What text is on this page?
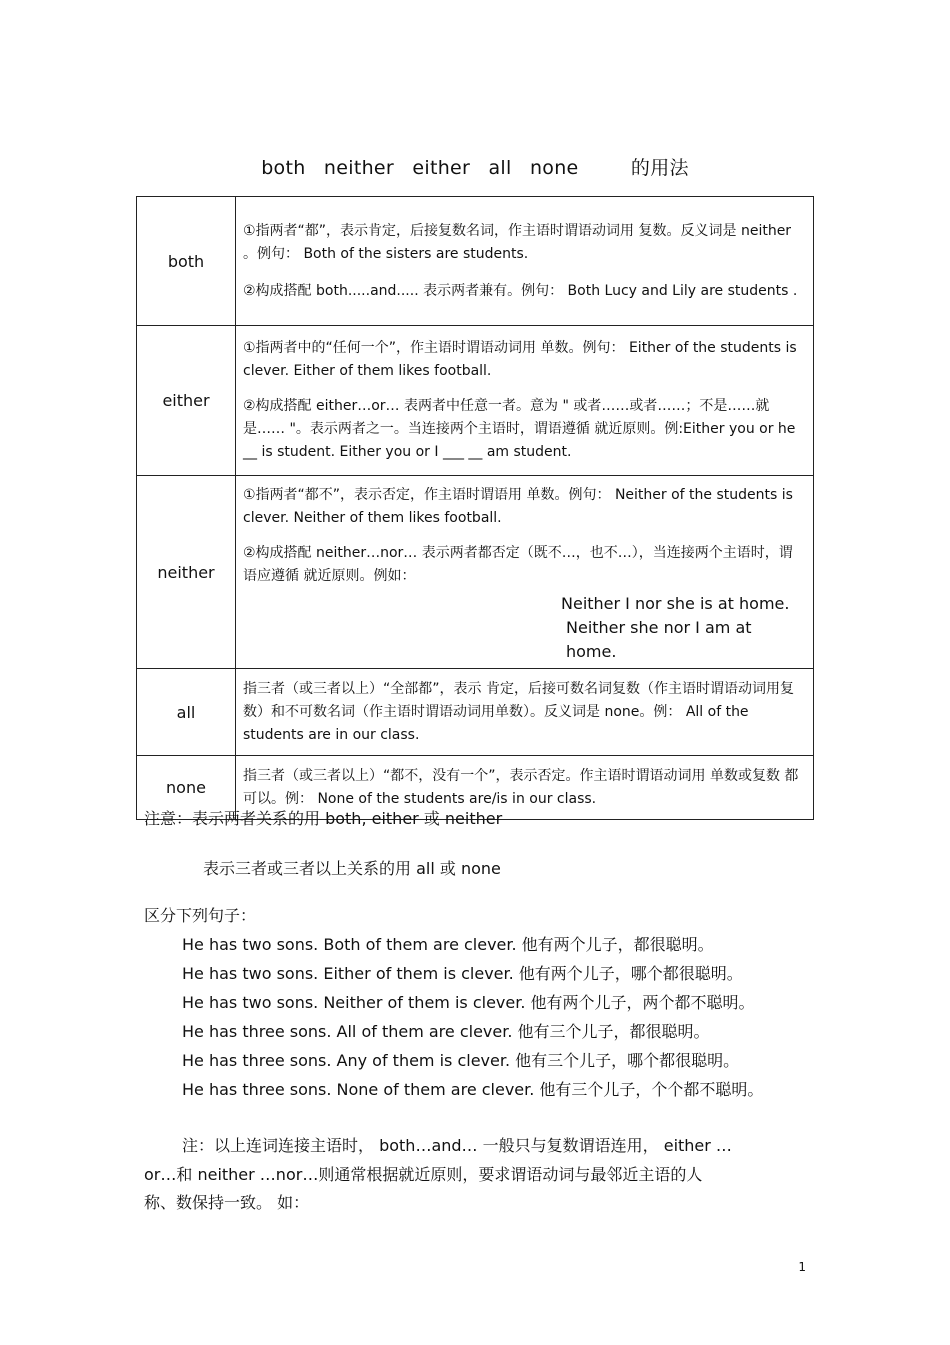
both neither either all none	的用法
both	①指两者“都”，表示肯定，后接复数名词，作主语时谓语动词用 复数。反义词是 neither 。例句： Both of the sisters are students.
②构成搭配 both.....and..... 表示两者兼有。例句： Both Lucy and Lily are students .

either	①指两者中的“任何一个”，作主语时谓语动词用 单数。例句： Either of the students is clever. Either of them likes football.
②构成搭配 either…or… 表两者中任意一者。意为 " 或者……或者……；不是……就是…… "。表示两者之一。当连接两个主语时，谓语遵循 就近原则。例:Either you or he __ is student. Either you or I ___ __ am student.

neither	①指两者“都不”，表示否定，作主语时谓语用 单数。例句： Neither of the students is clever. Neither of them likes football.
②构成搭配 neither…nor… 表示两者都否定（既不…，也不…），当连接两个主语时，谓语应遵循 就近原则。例如：
Neither I nor she is at home.
Neither she nor I am at home.

all	指三者（或三者以上）“全部都”，表示 肯定，后接可数名词复数（作主语时谓语动词用复数）和不可数名词（作主语时谓语动词用单数）。反义词是 none。例： All of the students are in our class.

none	指三者（或三者以上）“都不，没有一个”，表示否定。作主语时谓语动词用 单数或复数 都可以。例： None of the students are/is in our class.
注意：表示两者关系的用 both, either 或 neither
表示三者或三者以上关系的用 all 或 none
区分下列句子：
He has two sons. Both of them are clever. 他有两个儿子，都很聪明。
He has two sons. Either of them is clever. 他有两个儿子，哪个都很聪明。
He has two sons. Neither of them is clever. 他有两个儿子，两个都不聪明。
He has three sons. All of them are clever. 他有三个儿子，都很聪明。
He has three sons. Any of them is clever. 他有三个儿子，哪个都很聪明。
He has three sons. None of them are clever. 他有三个儿子，个个都不聪明。
注：以上连词连接主语时， both…and… 一般只与复数谓语连用， either …
or…和 neither …nor…则通常根据就近原则，要求谓语动词与最邻近主语的人
称、数保持一致。 如：
1
